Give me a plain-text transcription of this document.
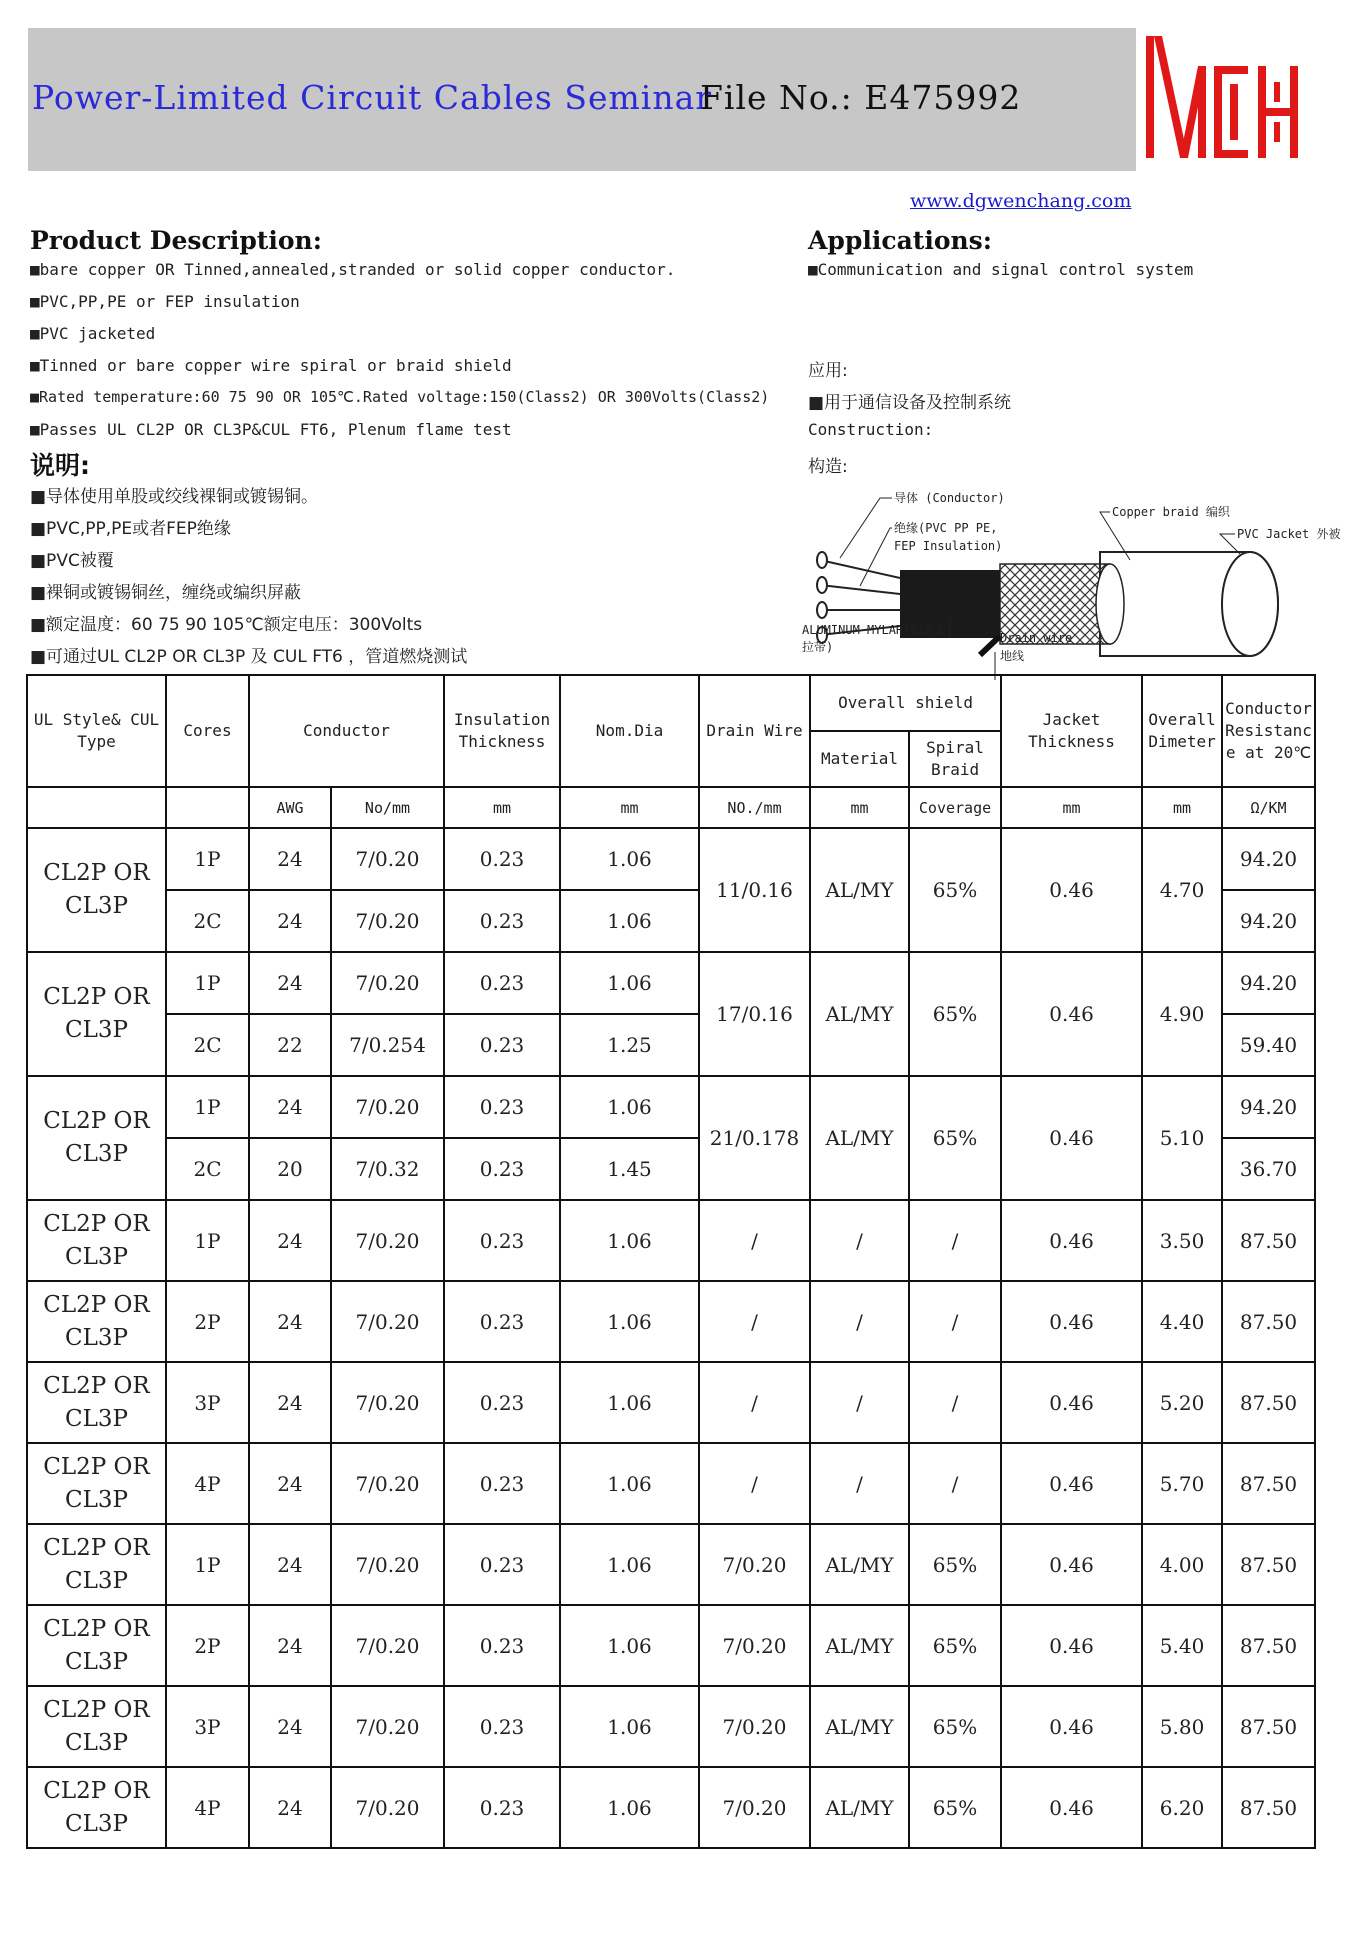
Power-Limited Circuit Cables Seminar
File No.: E475992
www.dgwenchang.com
Product Description:
■bare copper OR Tinned,annealed,stranded or solid copper conductor.
■PVC,PP,PE or FEP insulation
■PVC jacketed
■Tinned or bare copper wire spiral or braid shield
■Rated temperature:60 75 90 OR 105℃.Rated voltage:150(Class2) OR 300Volts(Class2)
■Passes UL CL2P OR CL3P&CUL FT6, Plenum flame test
说明:
■导体使用单股或绞线裸铜或镀锡铜。
■PVC,PP,PE或者FEP绝缘
■PVC被覆
■裸铜或镀锡铜丝，缠绕或编织屏蔽
■额定温度：60 75 90 105℃额定电压：300Volts
■可通过UL CL2P OR CL3P 及 CUL FT6 ，管道燃烧测试
Applications:
■Communication and signal control system
应用:
■用于通信设备及控制系统
Construction:
构造:
导体 (Conductor)
绝缘(PVC PP PE,
FEP Insulation)
Copper braid 编织
PVC Jacket 外被
ALUMINUM MYLAR(铝箔麦
拉带)
Drain wire
地线
UL Style& CUL Type	Cores	Conductor		Insulation Thickness	Nom.Dia	Drain Wire	Overall shield		Jacket Thickness	Overall Dimeter	Conductor Resistance at 20℃
							Material	Spiral Braid			
		AWG	No/mm	mm	mm	NO./mm	mm	Coverage	mm	mm	Ω/KM
CL2P OR CL3P	1P	24	7/0.20	0.23	1.06	11/0.16	AL/MY	65%	0.46	4.70	94.20
	2C	24	7/0.20	0.23	1.06						94.20
CL2P OR CL3P	1P	24	7/0.20	0.23	1.06	17/0.16	AL/MY	65%	0.46	4.90	94.20
	2C	22	7/0.254	0.23	1.25						59.40
CL2P OR CL3P	1P	24	7/0.20	0.23	1.06	21/0.178	AL/MY	65%	0.46	5.10	94.20
	2C	20	7/0.32	0.23	1.45						36.70
CL2P OR CL3P	1P	24	7/0.20	0.23	1.06	/	/	/	0.46	3.50	87.50
CL2P OR CL3P	2P	24	7/0.20	0.23	1.06	/	/	/	0.46	4.40	87.50
CL2P OR CL3P	3P	24	7/0.20	0.23	1.06	/	/	/	0.46	5.20	87.50
CL2P OR CL3P	4P	24	7/0.20	0.23	1.06	/	/	/	0.46	5.70	87.50
CL2P OR CL3P	1P	24	7/0.20	0.23	1.06	7/0.20	AL/MY	65%	0.46	4.00	87.50
CL2P OR CL3P	2P	24	7/0.20	0.23	1.06	7/0.20	AL/MY	65%	0.46	5.40	87.50
CL2P OR CL3P	3P	24	7/0.20	0.23	1.06	7/0.20	AL/MY	65%	0.46	5.80	87.50
CL2P OR CL3P	4P	24	7/0.20	0.23	1.06	7/0.20	AL/MY	65%	0.46	6.20	87.50
